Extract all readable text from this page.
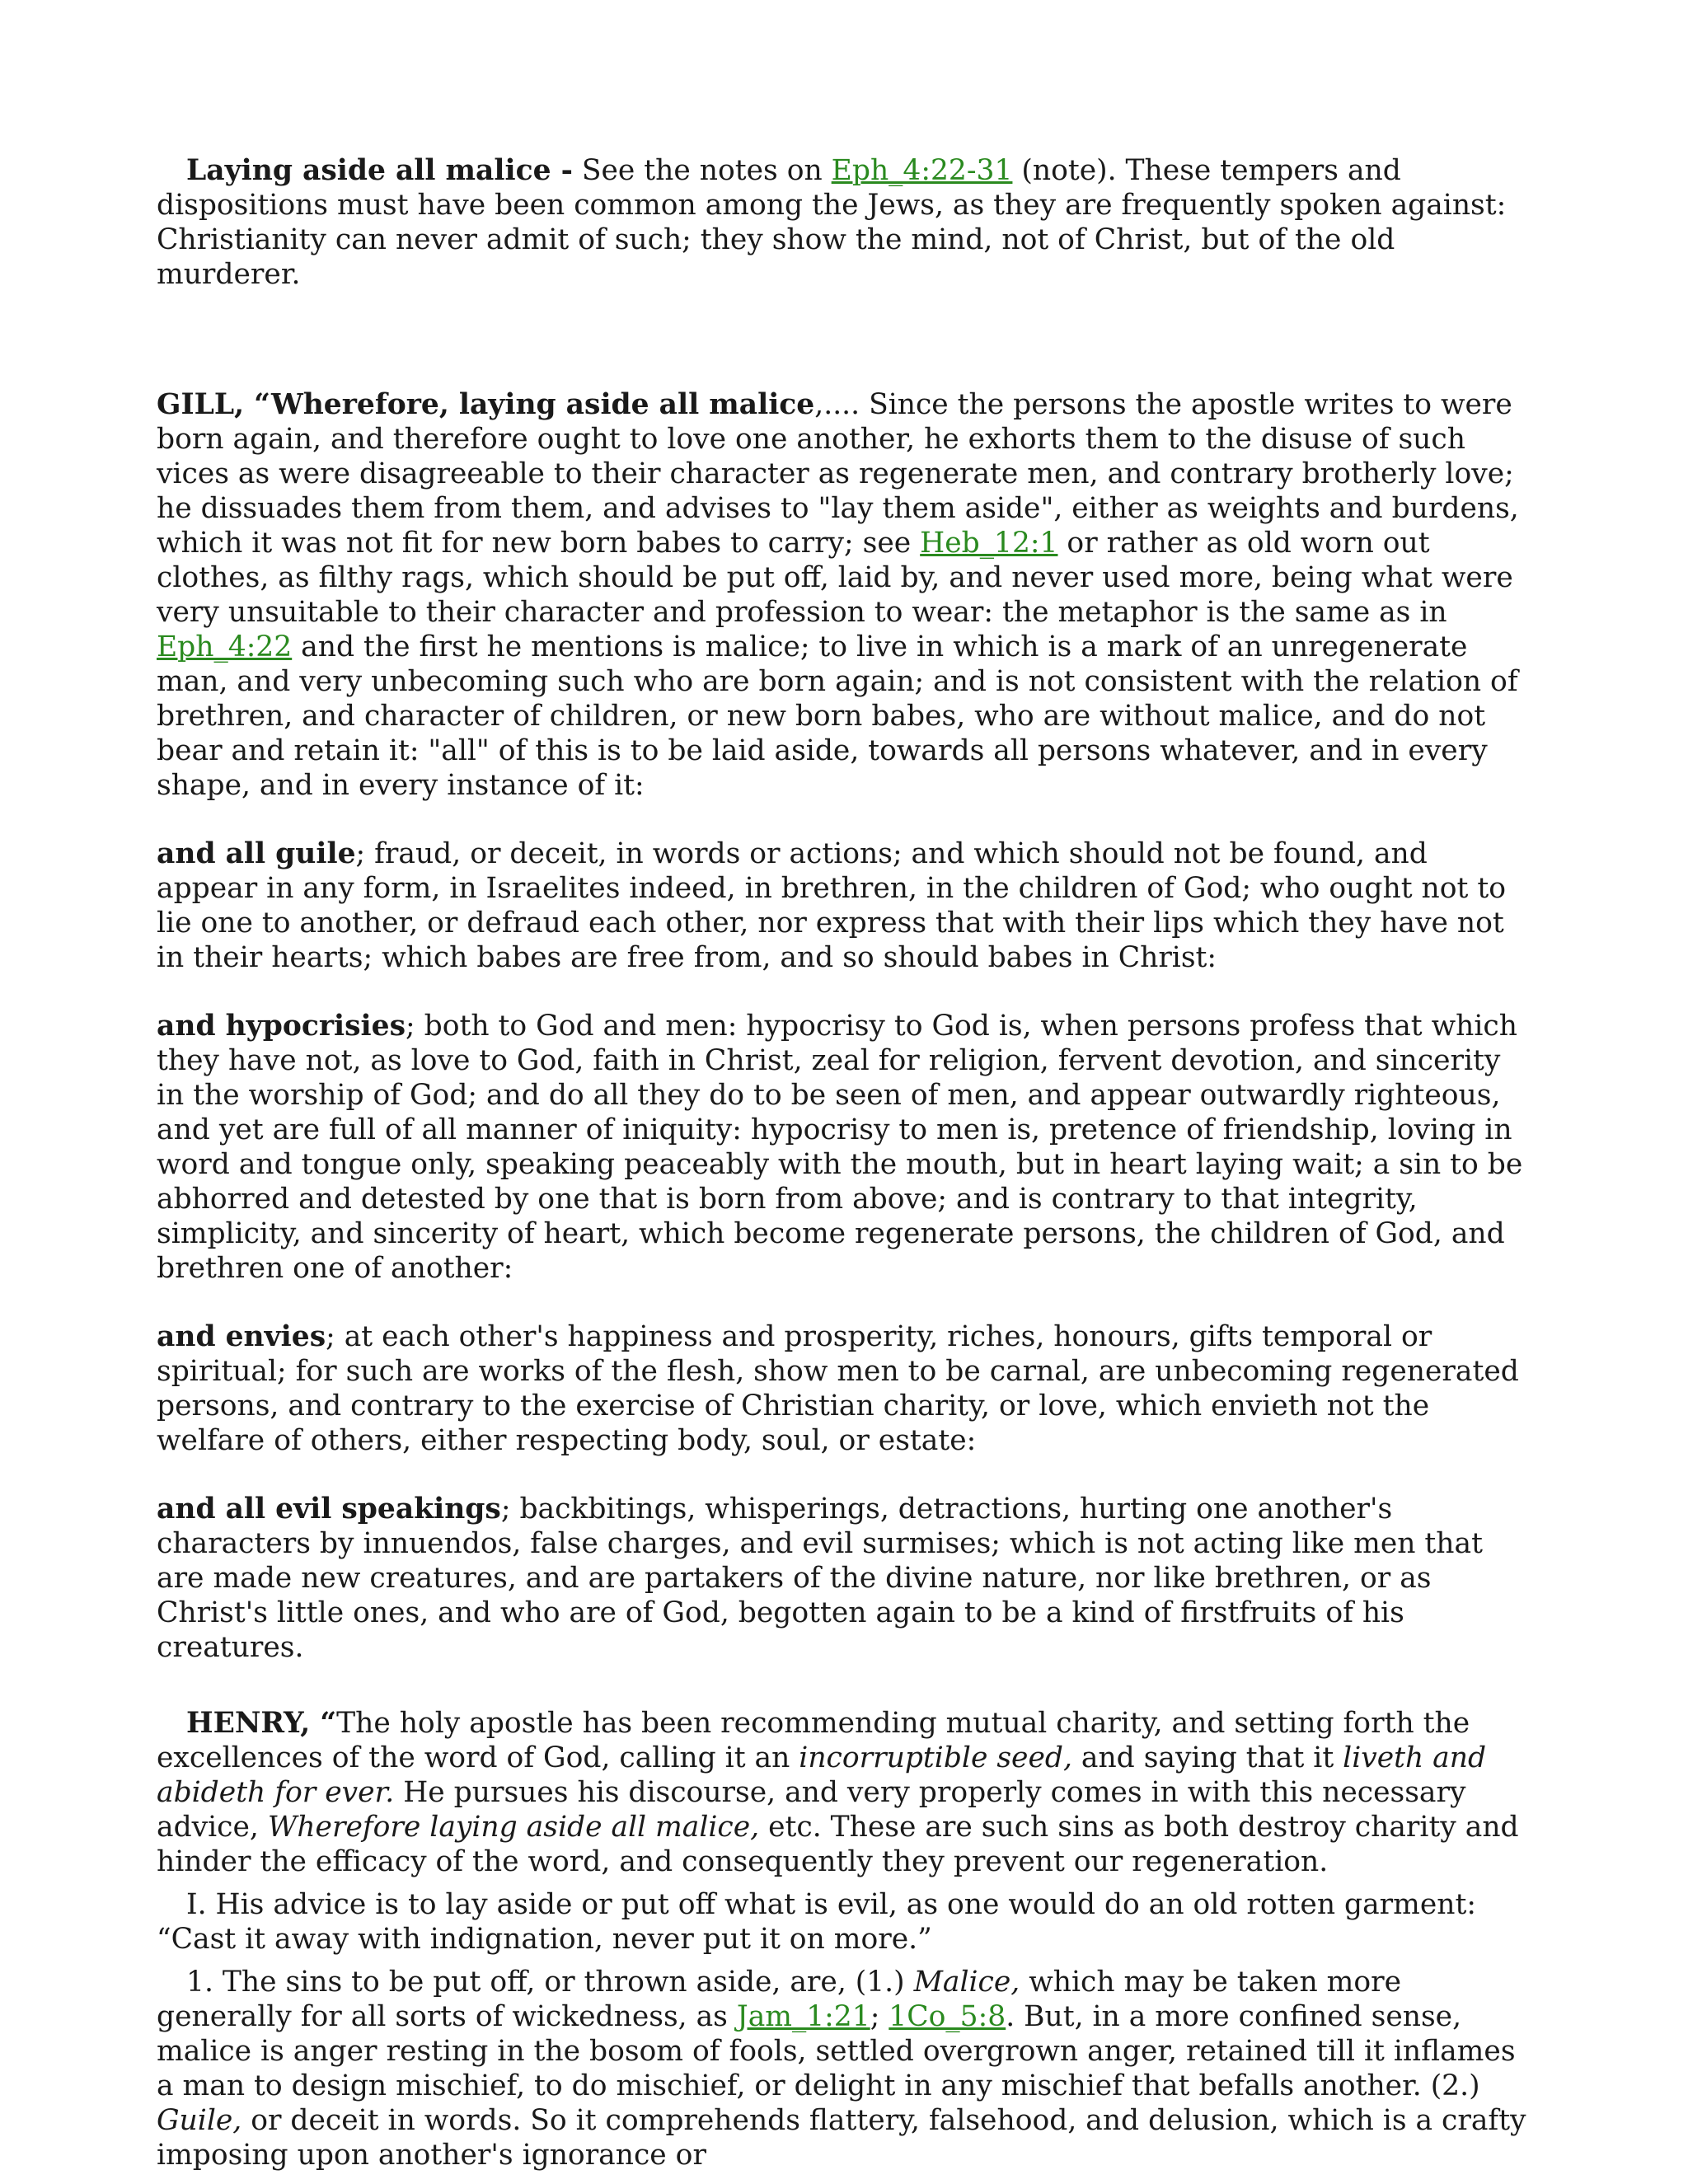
Laying aside all malice - See the notes on Eph_4:22-31 (note). These tempers and dispositions must have been common among the Jews, as they are frequently spoken against: Christianity can never admit of such; they show the mind, not of Christ, but of the old murderer.

GILL, “Wherefore, laying aside all malice,.... Since the persons the apostle writes to were born again, and therefore ought to love one another, he exhorts them to the disuse of such vices as were disagreeable to their character as regenerate men, and contrary brotherly love; he dissuades them from them, and advises to "lay them aside", either as weights and burdens, which it was not fit for new born babes to carry; see Heb_12:1 or rather as old worn out clothes, as filthy rags, which should be put off, laid by, and never used more, being what were very unsuitable to their character and profession to wear: the metaphor is the same as in Eph_4:22 and the first he mentions is malice; to live in which is a mark of an unregenerate man, and very unbecoming such who are born again; and is not consistent with the relation of brethren, and character of children, or new born babes, who are without malice, and do not bear and retain it: "all" of this is to be laid aside, towards all persons whatever, and in every shape, and in every instance of it:

and all guile; fraud, or deceit, in words or actions; and which should not be found, and appear in any form, in Israelites indeed, in brethren, in the children of God; who ought not to lie one to another, or defraud each other, nor express that with their lips which they have not in their hearts; which babes are free from, and so should babes in Christ:

and hypocrisies; both to God and men: hypocrisy to God is, when persons profess that which they have not, as love to God, faith in Christ, zeal for religion, fervent devotion, and sincerity in the worship of God; and do all they do to be seen of men, and appear outwardly righteous, and yet are full of all manner of iniquity: hypocrisy to men is, pretence of friendship, loving in word and tongue only, speaking peaceably with the mouth, but in heart laying wait; a sin to be abhorred and detested by one that is born from above; and is contrary to that integrity, simplicity, and sincerity of heart, which become regenerate persons, the children of God, and brethren one of another:

and envies; at each other's happiness and prosperity, riches, honours, gifts temporal or spiritual; for such are works of the flesh, show men to be carnal, are unbecoming regenerated persons, and contrary to the exercise of Christian charity, or love, which envieth not the welfare of others, either respecting body, soul, or estate:

and all evil speakings; backbitings, whisperings, detractions, hurting one another's characters by innuendos, false charges, and evil surmises; which is not acting like men that are made new creatures, and are partakers of the divine nature, nor like brethren, or as Christ's little ones, and who are of God, begotten again to be a kind of firstfruits of his creatures.

HENRY, “The holy apostle has been recommending mutual charity, and setting forth the excellences of the word of God, calling it an incorruptible seed, and saying that it liveth and abideth for ever. He pursues his discourse, and very properly comes in with this necessary advice, Wherefore laying aside all malice, etc. These are such sins as both destroy charity and hinder the efficacy of the word, and consequently they prevent our regeneration.

I. His advice is to lay aside or put off what is evil, as one would do an old rotten garment: “Cast it away with indignation, never put it on more.”

1. The sins to be put off, or thrown aside, are, (1.) Malice, which may be taken more generally for all sorts of wickedness, as Jam_1:21; 1Co_5:8. But, in a more confined sense, malice is anger resting in the bosom of fools, settled overgrown anger, retained till it inflames a man to design mischief, to do mischief, or delight in any mischief that befalls another. (2.) Guile, or deceit in words. So it comprehends flattery, falsehood, and delusion, which is a crafty imposing upon another's ignorance or
